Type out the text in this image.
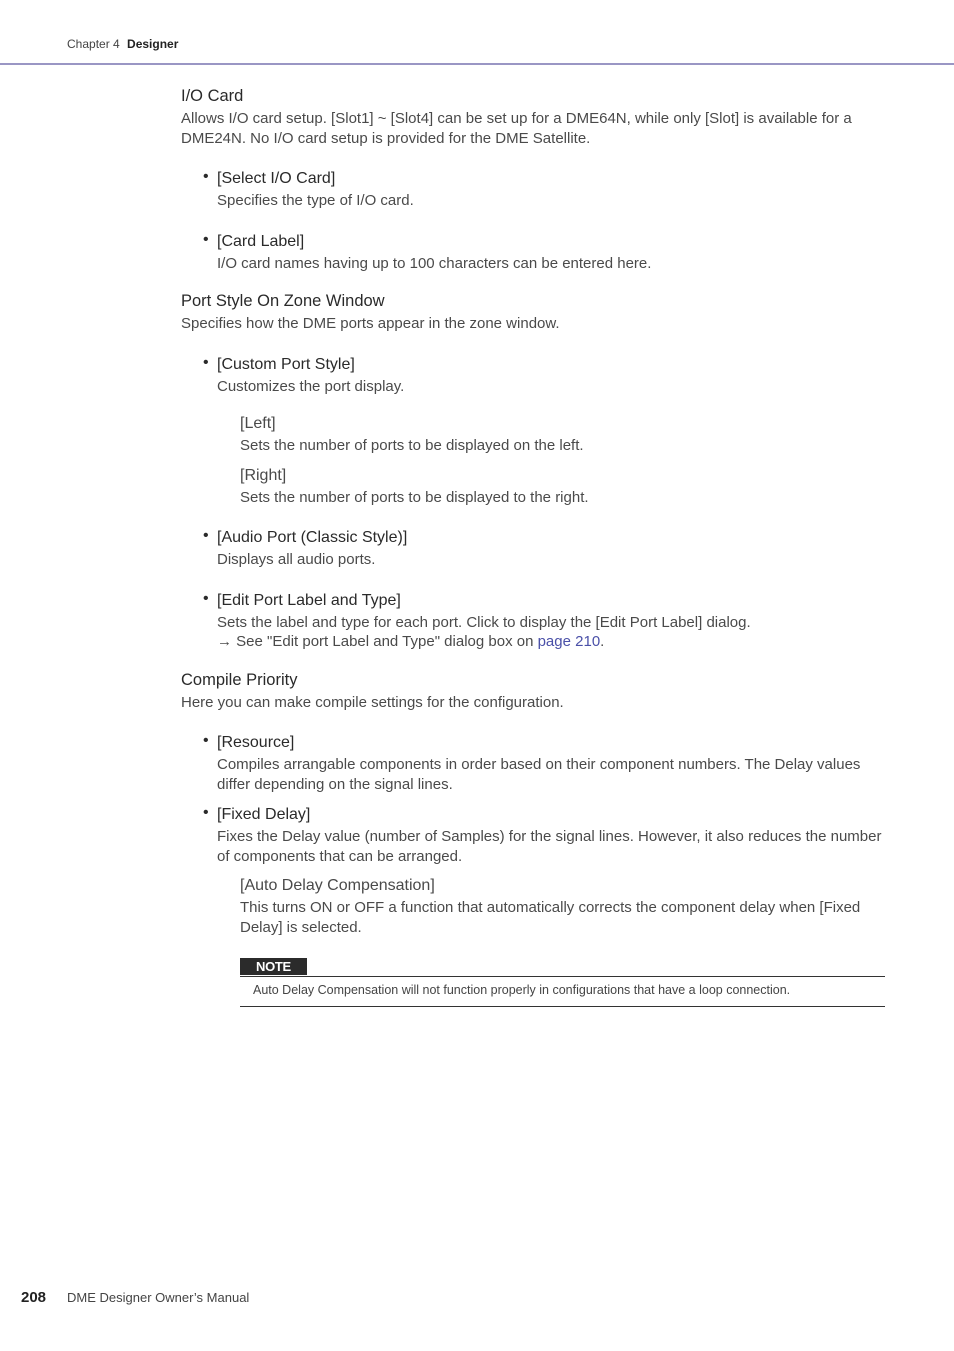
Chapter 4 Designer
I/O Card
Allows I/O card setup. [Slot1] ~ [Slot4] can be set up for a DME64N, while only [Slot] is available for a DME24N. No I/O card setup is provided for the DME Satellite.
• [Select I/O Card]
Specifies the type of I/O card.
• [Card Label]
I/O card names having up to 100 characters can be entered here.
Port Style On Zone Window
Specifies how the DME ports appear in the zone window.
• [Custom Port Style]
Customizes the port display.
[Left]
Sets the number of ports to be displayed on the left.
[Right]
Sets the number of ports to be displayed to the right.
• [Audio Port (Classic Style)]
Displays all audio ports.
• [Edit Port Label and Type]
Sets the label and type for each port. Click to display the [Edit Port Label] dialog.
→ See "Edit port Label and Type" dialog box on page 210.
Compile Priority
Here you can make compile settings for the configuration.
• [Resource]
Compiles arrangable components in order based on their component numbers. The Delay values differ depending on the signal lines.
• [Fixed Delay]
Fixes the Delay value (number of Samples) for the signal lines. However, it also reduces the number of components that can be arranged.
[Auto Delay Compensation]
This turns ON or OFF a function that automatically corrects the component delay when [Fixed Delay] is selected.
NOTE
Auto Delay Compensation will not function properly in configurations that have a loop connection.
208 DME Designer Owner’s Manual
